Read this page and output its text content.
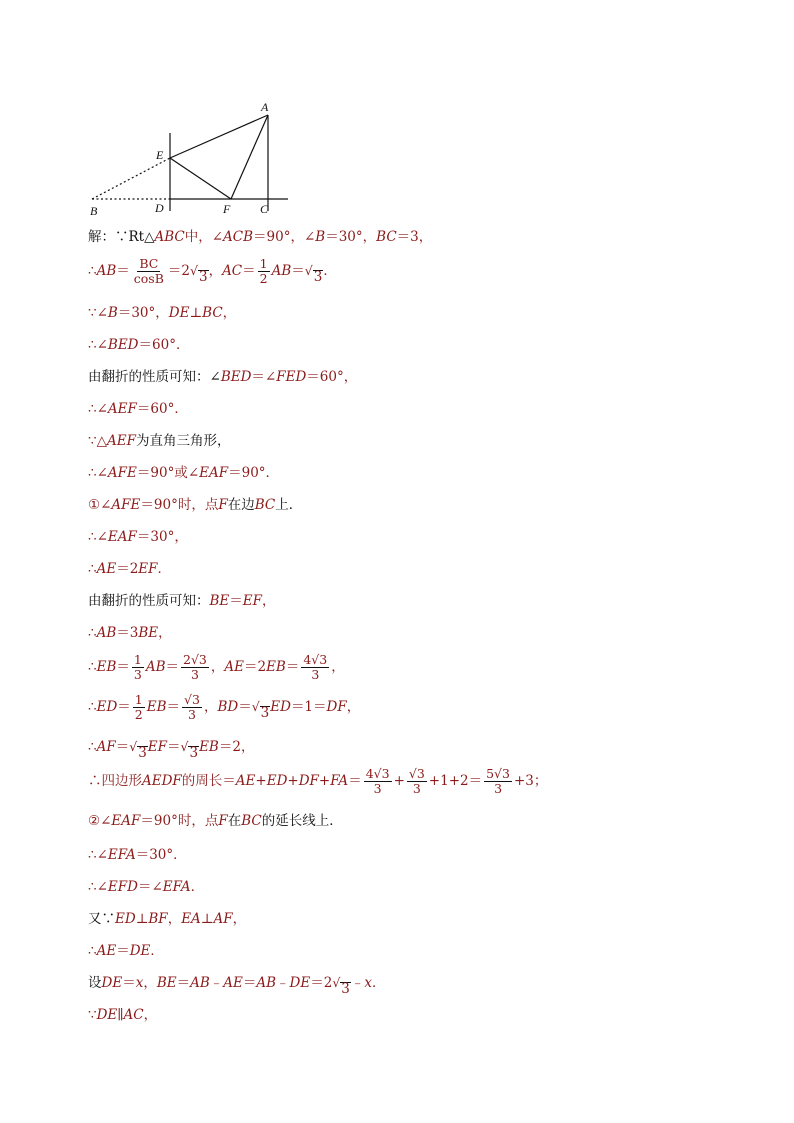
A
E
B	D	F C
解：∵Rt△ ABC 中，∠ ACB ＝90°，∠ B ＝30°， BC ＝3，
∴ AB ＝ $\frac{BC}{\cos B} =2$ √ 3 ， AC ＝ $\frac{1}{2}$ AB ＝ √ 3 ．
∵∠ B ＝30°， DE ⊥ BC ，
∴∠ BED ＝60°．
由翻折的性质可知：∠ BED ＝∠ FED ＝60°，
∴∠ AEF ＝60°．
∵△ AEF 为直角三角形，
∴∠ AFE ＝90°或∠ EAF ＝90°．
① ∠ AFE ＝90°时，点 F 在边 BC 上．
∴∠ EAF ＝30°，
∴ AE ＝2 EF ．
由翻折的性质可知： BE ＝ EF ，
∴ AB ＝3 BE ，
∴ EB ＝ $\frac{1}{3}$ AB ＝ $\frac{2√3}{3}$ ， AE ＝2 EB ＝ $\frac{4√3}{3}$ ，
∴ ED ＝ $\frac{1}{2}$ EB ＝ $\frac{√3}{3}$ ， BD ＝ √ 3 ED ＝1＝ DF ，
∴ AF ＝ √ 3 EF ＝ √ 3 EB ＝2，
∴四边形 AEDF 的周长＝ AE + ED + DF + FA ＝ $\frac{4√3}{3} + \frac{√3}{3} +1+2= \frac{5√3}{3} +3$；
② ∠ EAF ＝90°时，点 F 在 BC 的延长线上．
∴∠ EFA ＝30°．
∴∠ EFD ＝∠ EFA ．
又∵ ED ⊥ BF ， EA ⊥ AF ，
∴ AE ＝ DE ．
设 DE ＝ x ， BE ＝ AB ﹣ AE ＝ AB ﹣ DE ＝2 √ 3 ﹣ x ．
∵ DE ∥ AC ，
